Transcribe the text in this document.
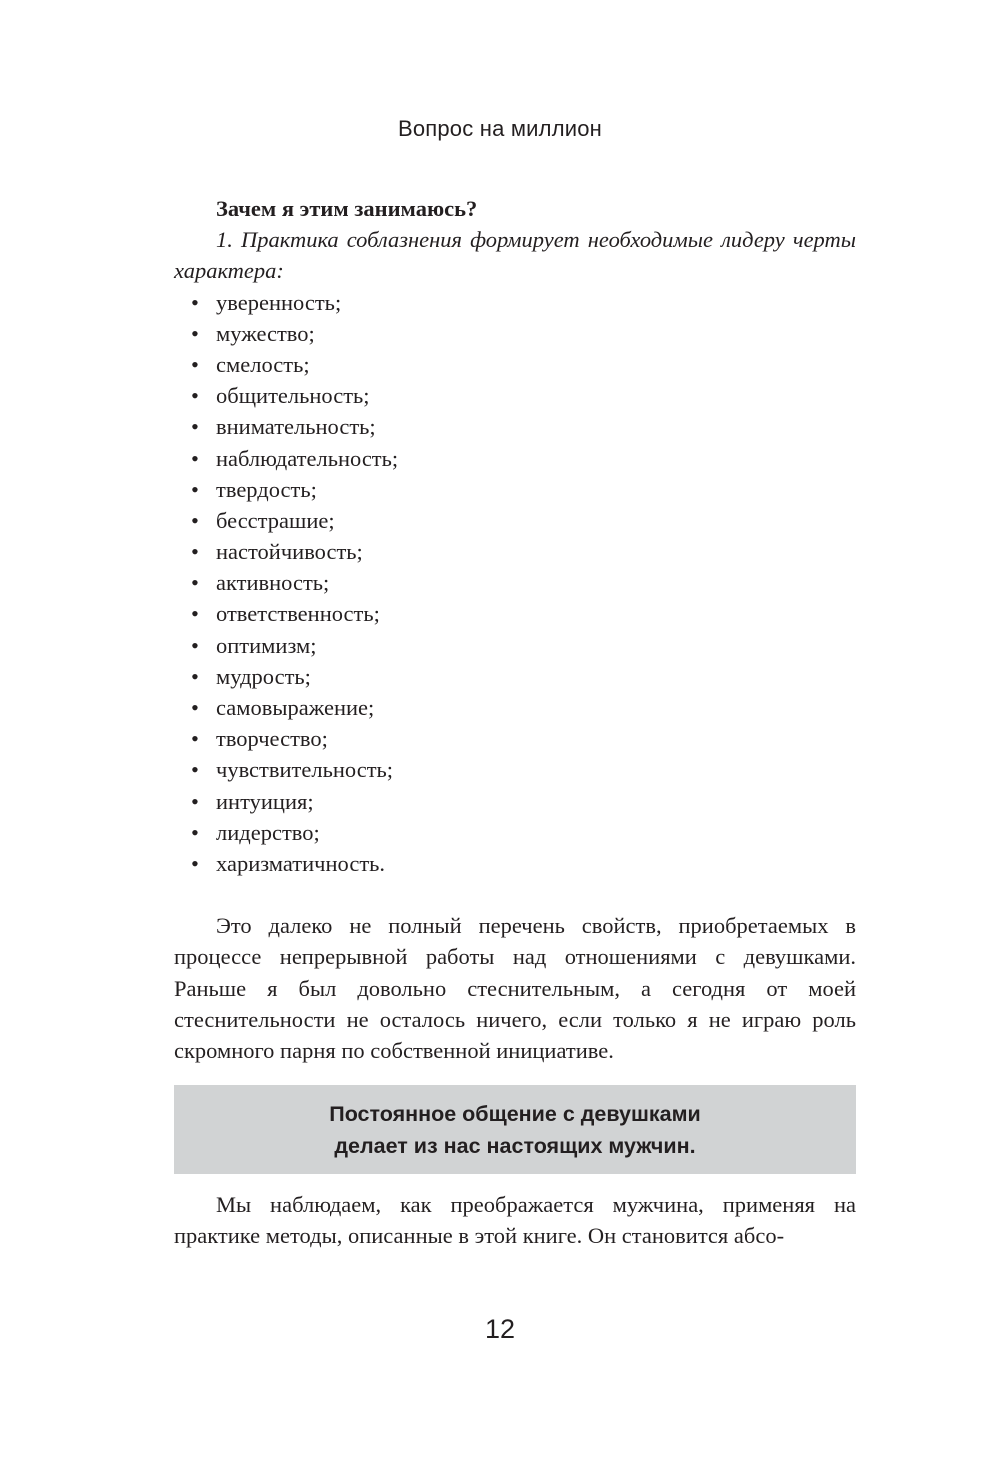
Вопрос на миллион

Зачем я этим занимаюсь?

1. Практика соблазнения формирует необходимые лидеру черты характера:

• уверенность;
• мужество;
• смелость;
• общительность;
• внимательность;
• наблюдательность;
• твердость;
• бесстрашие;
• настойчивость;
• активность;
• ответственность;
• оптимизм;
• мудрость;
• самовыражение;
• творчество;
• чувствительность;
• интуиция;
• лидерство;
• харизматичность.

Это далеко не полный перечень свойств, приобретаемых в процессе непрерывной работы над отношениями с девушками. Раньше я был довольно стеснительным, а сегодня от моей стеснительности не осталось ничего, если только я не играю роль скромного парня по собственной инициативе.

Постоянное общение с девушками
делает из нас настоящих мужчин.

Мы наблюдаем, как преображается мужчина, применяя на практике методы, описанные в этой книге. Он становится абсо-

12
